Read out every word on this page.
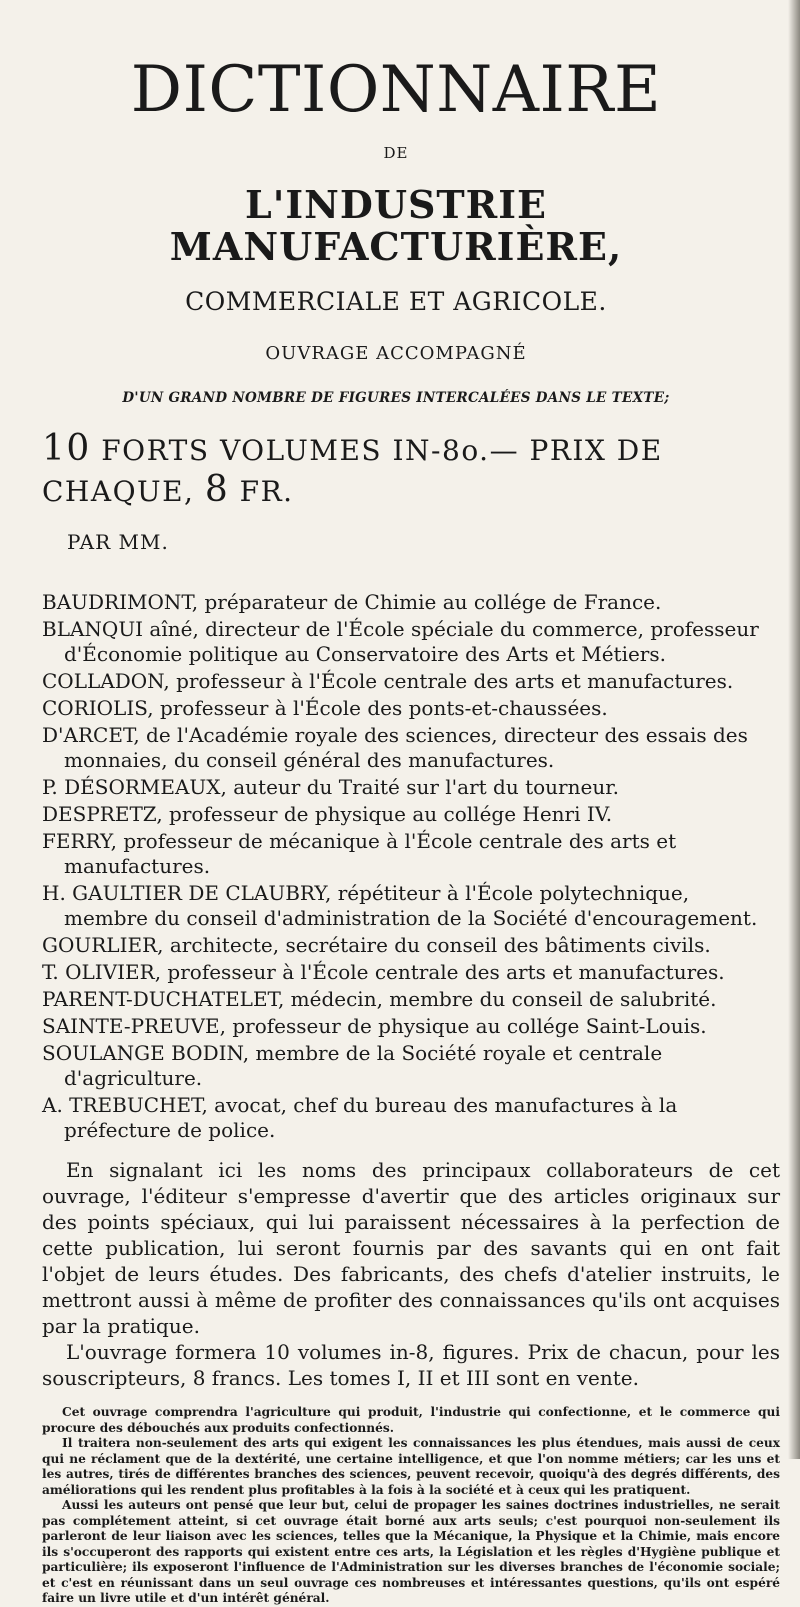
DICTIONNAIRE
DE
L'INDUSTRIE MANUFACTURIÈRE,
COMMERCIALE ET AGRICOLE.
OUVRAGE ACCOMPAGNÉ
D'UN GRAND NOMBRE DE FIGURES INTERCALÉES DANS LE TEXTE;
10 FORTS VOLUMES IN-8o.— PRIX DE CHAQUE, 8 FR.
PAR MM.
BAUDRIMONT, préparateur de Chimie au collége de France.
BLANQUI aîné, directeur de l'École spéciale du commerce, professeur d'Économie politique au Conservatoire des Arts et Métiers.
COLLADON, professeur à l'École centrale des arts et manufactures.
CORIOLIS, professeur à l'École des ponts-et-chaussées.
D'ARCET, de l'Académie royale des sciences, directeur des essais des monnaies, du conseil général des manufactures.
P. DÉSORMEAUX, auteur du Traité sur l'art du tourneur.
DESPRETZ, professeur de physique au collége Henri IV.
FERRY, professeur de mécanique à l'École centrale des arts et manufactures.
H. GAULTIER DE CLAUBRY, répétiteur à l'École polytechnique, membre du conseil d'administration de la Société d'encouragement.
GOURLIER, architecte, secrétaire du conseil des bâtiments civils.
T. OLIVIER, professeur à l'École centrale des arts et manufactures.
PARENT-DUCHATELET, médecin, membre du conseil de salubrité.
SAINTE-PREUVE, professeur de physique au collége Saint-Louis.
SOULANGE BODIN, membre de la Société royale et centrale d'agriculture.
A. TREBUCHET, avocat, chef du bureau des manufactures à la préfecture de police.

En signalant ici les noms des principaux collaborateurs de cet ouvrage, l'éditeur s'empresse d'avertir que des articles originaux sur des points spéciaux, qui lui paraissent nécessaires à la perfection de cette publication, lui seront fournis par des savants qui en ont fait l'objet de leurs études. Des fabricants, des chefs d'atelier instruits, le mettront aussi à même de profiter des connaissances qu'ils ont acquises par la pratique.

L'ouvrage formera 10 volumes in-8, figures. Prix de chacun, pour les souscripteurs, 8 francs. Les tomes I, II et III sont en vente.

Cet ouvrage comprendra l'agriculture qui produit, l'industrie qui confectionne, et le commerce qui procure des débouchés aux produits confectionnés.

Il traitera non-seulement des arts qui exigent les connaissances les plus étendues, mais aussi de ceux qui ne réclament que de la dextérité, une certaine intelligence, et que l'on nomme métiers; car les uns et les autres, tirés de différentes branches des sciences, peuvent recevoir, quoiqu'à des degrés différents, des améliorations qui les rendent plus profitables à la fois à la société et à ceux qui les pratiquent.

Aussi les auteurs ont pensé que leur but, celui de propager les saines doctrines industrielles, ne serait pas complétement atteint, si cet ouvrage était borné aux arts seuls; c'est pourquoi non-seulement ils parleront de leur liaison avec les sciences, telles que la Mécanique, la Physique et la Chimie, mais encore ils s'occuperont des rapports qui existent entre ces arts, la Législation et les règles d'Hygiène publique et particulière; ils exposeront l'influence de l'Administration sur les diverses branches de l'économie sociale; et c'est en réunissant dans un seul ouvrage ces nombreuses et intéressantes questions, qu'ils ont espéré faire un livre utile et d'un intérêt général.
